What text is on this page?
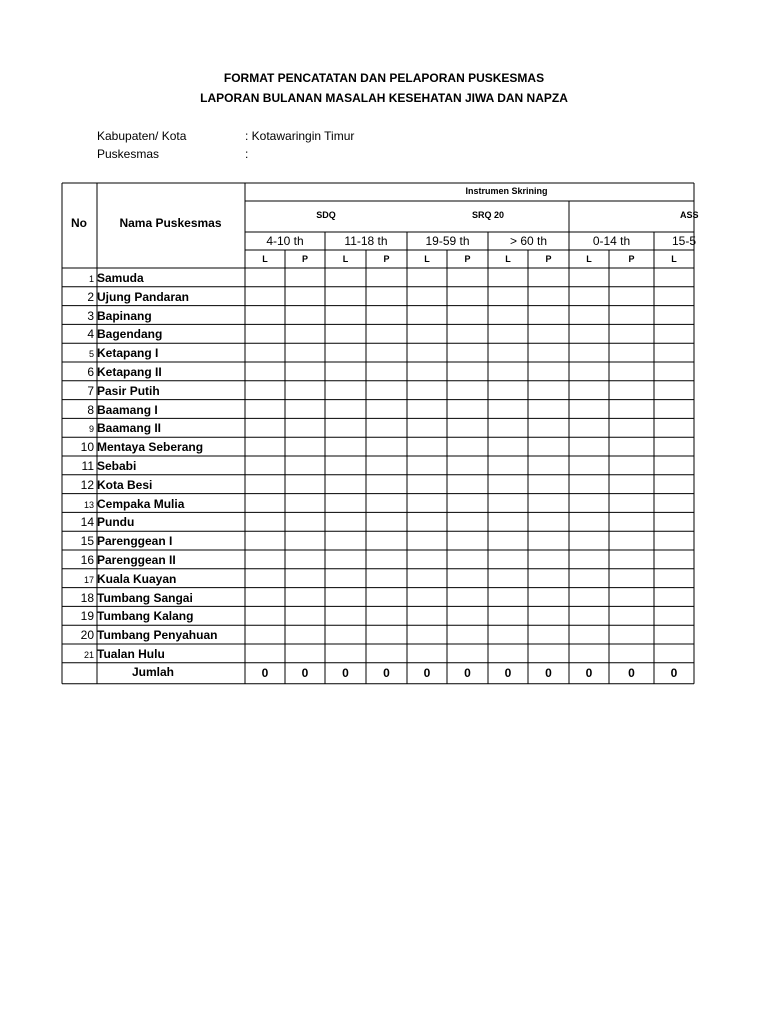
FORMAT PENCATATAN DAN PELAPORAN PUSKESMAS
LAPORAN BULANAN MASALAH KESEHATAN JIWA DAN NAPZA
Kabupaten/ Kota	: Kotawaringin Timur
Puskesmas	:
No	Nama Puskesmas
Instrumen Skrining
SDQ	SRQ 20	ASS
4-10 th	11-18 th	19-59 th	> 60 th	0-14 th	15-5
L	P	L	P	L	P	L	P	L	P	L
1 Samuda
2 Ujung Pandaran
3 Bapinang
4 Bagendang
5 Ketapang I
6 Ketapang II
7 Pasir Putih
8 Baamang I
9 Baamang II
10 Mentaya Seberang
11 Sebabi
12 Kota Besi
13 Cempaka Mulia
14 Pundu
15 Parenggean I
16 Parenggean II
17 Kuala Kuayan
18 Tumbang Sangai
19 Tumbang Kalang
20 Tumbang Penyahuan
21 Tualan Hulu
Jumlah	0	0	0	0	0	0	0	0	0	0	0
